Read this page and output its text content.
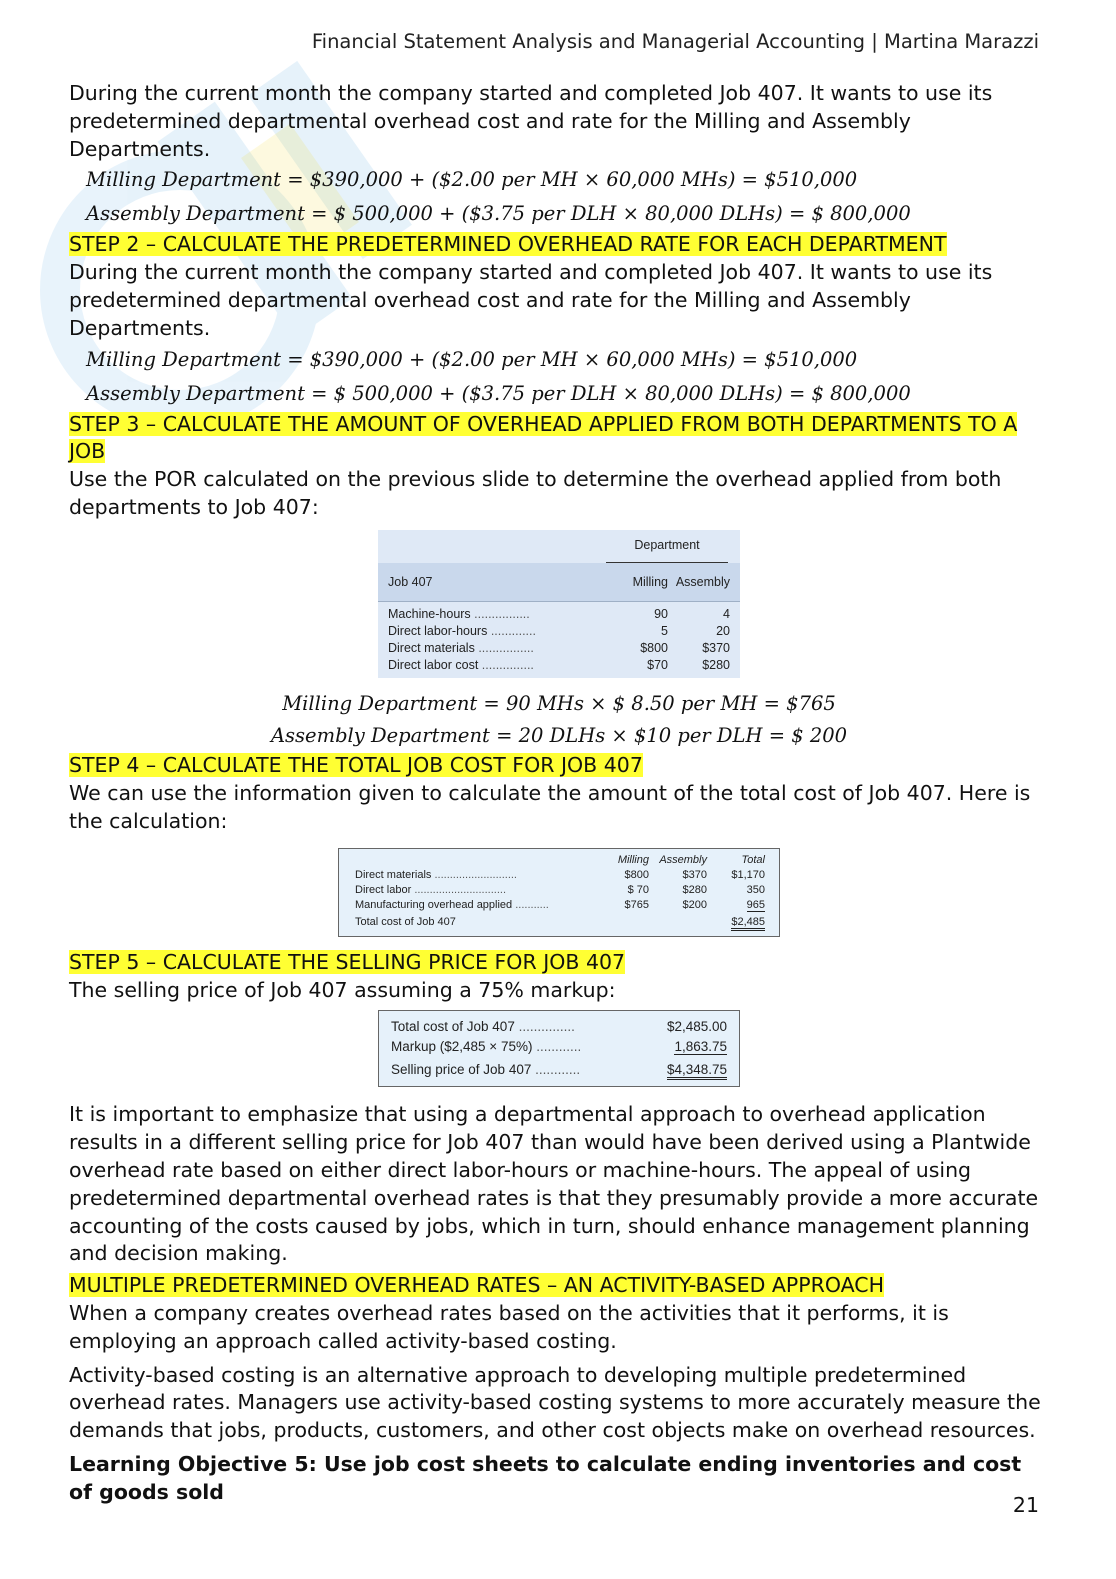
Financial Statement Analysis and Managerial Accounting | Martina Marazzi

During the current month the company started and completed Job 407. It wants to use its predetermined departmental overhead cost and rate for the Milling and Assembly Departments.

Milling Department = $390,000 + ($2.00 per MH × 60,000 MHs) = $510,000
Assembly Department = $ 500,000 + ($3.75 per DLH × 80,000 DLHs) = $ 800,000

STEP 2 – CALCULATE THE PREDETERMINED OVERHEAD RATE FOR EACH DEPARTMENT

During the current month the company started and completed Job 407. It wants to use its predetermined departmental overhead cost and rate for the Milling and Assembly Departments.

Milling Department = $390,000 + ($2.00 per MH × 60,000 MHs) = $510,000
Assembly Department = $ 500,000 + ($3.75 per DLH × 80,000 DLHs) = $ 800,000

STEP 3 – CALCULATE THE AMOUNT OF OVERHEAD APPLIED FROM BOTH DEPARTMENTS TO A
JOB

Use the POR calculated on the previous slide to determine the overhead applied from both departments to Job 407:

Department
Job 407	Milling Assembly
Machine-hours ................	90	4
Direct labor-hours .............	5	20
Direct materials ................	$800	$370
Direct labor cost ...............	$70	$280
Milling Department = 90 MHs × $ 8.50 per MH = $765
Assembly Department = 20 DLHs × $10 per DLH = $ 200

STEP 4 – CALCULATE THE TOTAL JOB COST FOR JOB 407

We can use the information given to calculate the amount of the total cost of Job 407. Here is the calculation:

Milling Assembly	Total
Direct materials ...........................	$800	$370	$1,170
Direct labor ..............................	$ 70	$280	350
Manufacturing overhead applied ...........	$765	$200	965
Total cost of Job 407	$2,485

STEP 5 – CALCULATE THE SELLING PRICE FOR JOB 407

The selling price of Job 407 assuming a 75% markup:

Total cost of Job 407 ...............	$2,485.00
Markup ($2,485 × 75%) ............	1,863.75
Selling price of Job 407 ............	$4,348.75

It is important to emphasize that using a departmental approach to overhead application results in a different selling price for Job 407 than would have been derived using a Plantwide overhead rate based on either direct labor-hours or machine-hours. The appeal of using predetermined departmental overhead rates is that they presumably provide a more accurate accounting of the costs caused by jobs, which in turn, should enhance management planning and decision making.

MULTIPLE PREDETERMINED OVERHEAD RATES – AN ACTIVITY-BASED APPROACH

When a company creates overhead rates based on the activities that it performs, it is employing an approach called activity-based costing.

Activity-based costing is an alternative approach to developing multiple predetermined overhead rates. Managers use activity-based costing systems to more accurately measure the demands that jobs, products, customers, and other cost objects make on overhead resources.

Learning Objective 5: Use job cost sheets to calculate ending inventories and cost of goods sold

21
